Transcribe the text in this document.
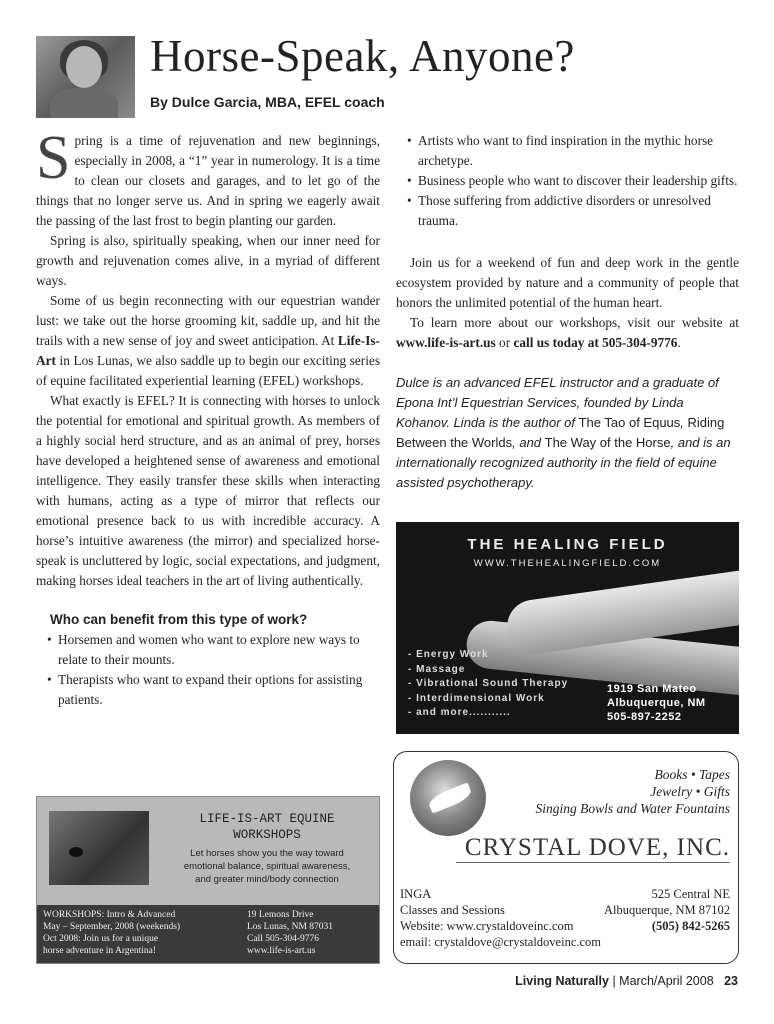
Horse-Speak, Anyone?
By Dulce Garcia, MBA, EFEL coach

Spring is a time of rejuvenation and new beginnings, especially in 2008, a “1” year in numerology. It is a time to clean our closets and garages, and to let go of the things that no longer serve us. And in spring we eagerly await the passing of the last frost to begin planting our garden.

Spring is also, spiritually speaking, when our inner need for growth and rejuvenation comes alive, in a myriad of different ways.

Some of us begin reconnecting with our equestrian wander lust: we take out the horse grooming kit, saddle up, and hit the trails with a new sense of joy and sweet anticipation. At Life-Is-Art in Los Lunas, we also saddle up to begin our exciting series of equine facilitated experiential learning (EFEL) workshops.

What exactly is EFEL? It is connecting with horses to unlock the potential for emotional and spiritual growth. As members of a highly social herd structure, and as an animal of prey, horses have developed a heightened sense of awareness and emotional intelligence. They easily transfer these skills when interacting with humans, acting as a type of mirror that reflects our emotional presence back to us with incredible accuracy. A horse’s intuitive awareness (the mirror) and specialized horse-speak is uncluttered by logic, social expectations, and judgment, making horses ideal teachers in the art of living authentically.

Who can benefit from this type of work?

• Horsemen and women who want to explore new ways to relate to their mounts.
• Therapists who want to expand their options for assisting patients.
• Artists who want to find inspiration in the mythic horse archetype.
• Business people who want to discover their leadership gifts.
• Those suffering from addictive disorders or unresolved trauma.

Join us for a weekend of fun and deep work in the gentle ecosystem provided by nature and a community of people that honors the unlimited potential of the human heart.

To learn more about our workshops, visit our website at www.life-is-art.us or call us today at 505-304-9776.

Dulce is an advanced EFEL instructor and a graduate of Epona Int’l Equestrian Services, founded by Linda Kohanov. Linda is the author of The Tao of Equus, Riding Between the Worlds, and The Way of the Horse, and is an internationally recognized authority in the field of equine assisted psychotherapy.

THE HEALING FIELD
WWW.THEHEALINGFIELD.COM
- Energy Work
- Massage
- Vibrational Sound Therapy
- Interdimensional Work
- and more...........
1919 San Mateo
Albuquerque, NM
505-897-2252
LIFE-IS-ART EQUINE
WORKSHOPS
Let horses show you the way toward
emotional balance, spiritual awareness,
and greater mind/body connection
WORKSHOPS: Intro & Advanced
May – September, 2008 (weekends)
Oct 2008: Join us for a unique
horse adventure in Argentina!
19 Lemons Drive
Los Lunas, NM 87031
Call 505-304-9776
www.life-is-art.us
Books • Tapes
Jewelry • Gifts
Singing Bowls and Water Fountains
CRYSTAL DOVE, INC.
INGA	525 Central NE
Classes and Sessions	Albuquerque, NM 87102
Website: www.crystaldoveinc.com	(505) 842-5265
email: crystaldove@crystaldoveinc.com
Living Naturally | March/April 2008 23
